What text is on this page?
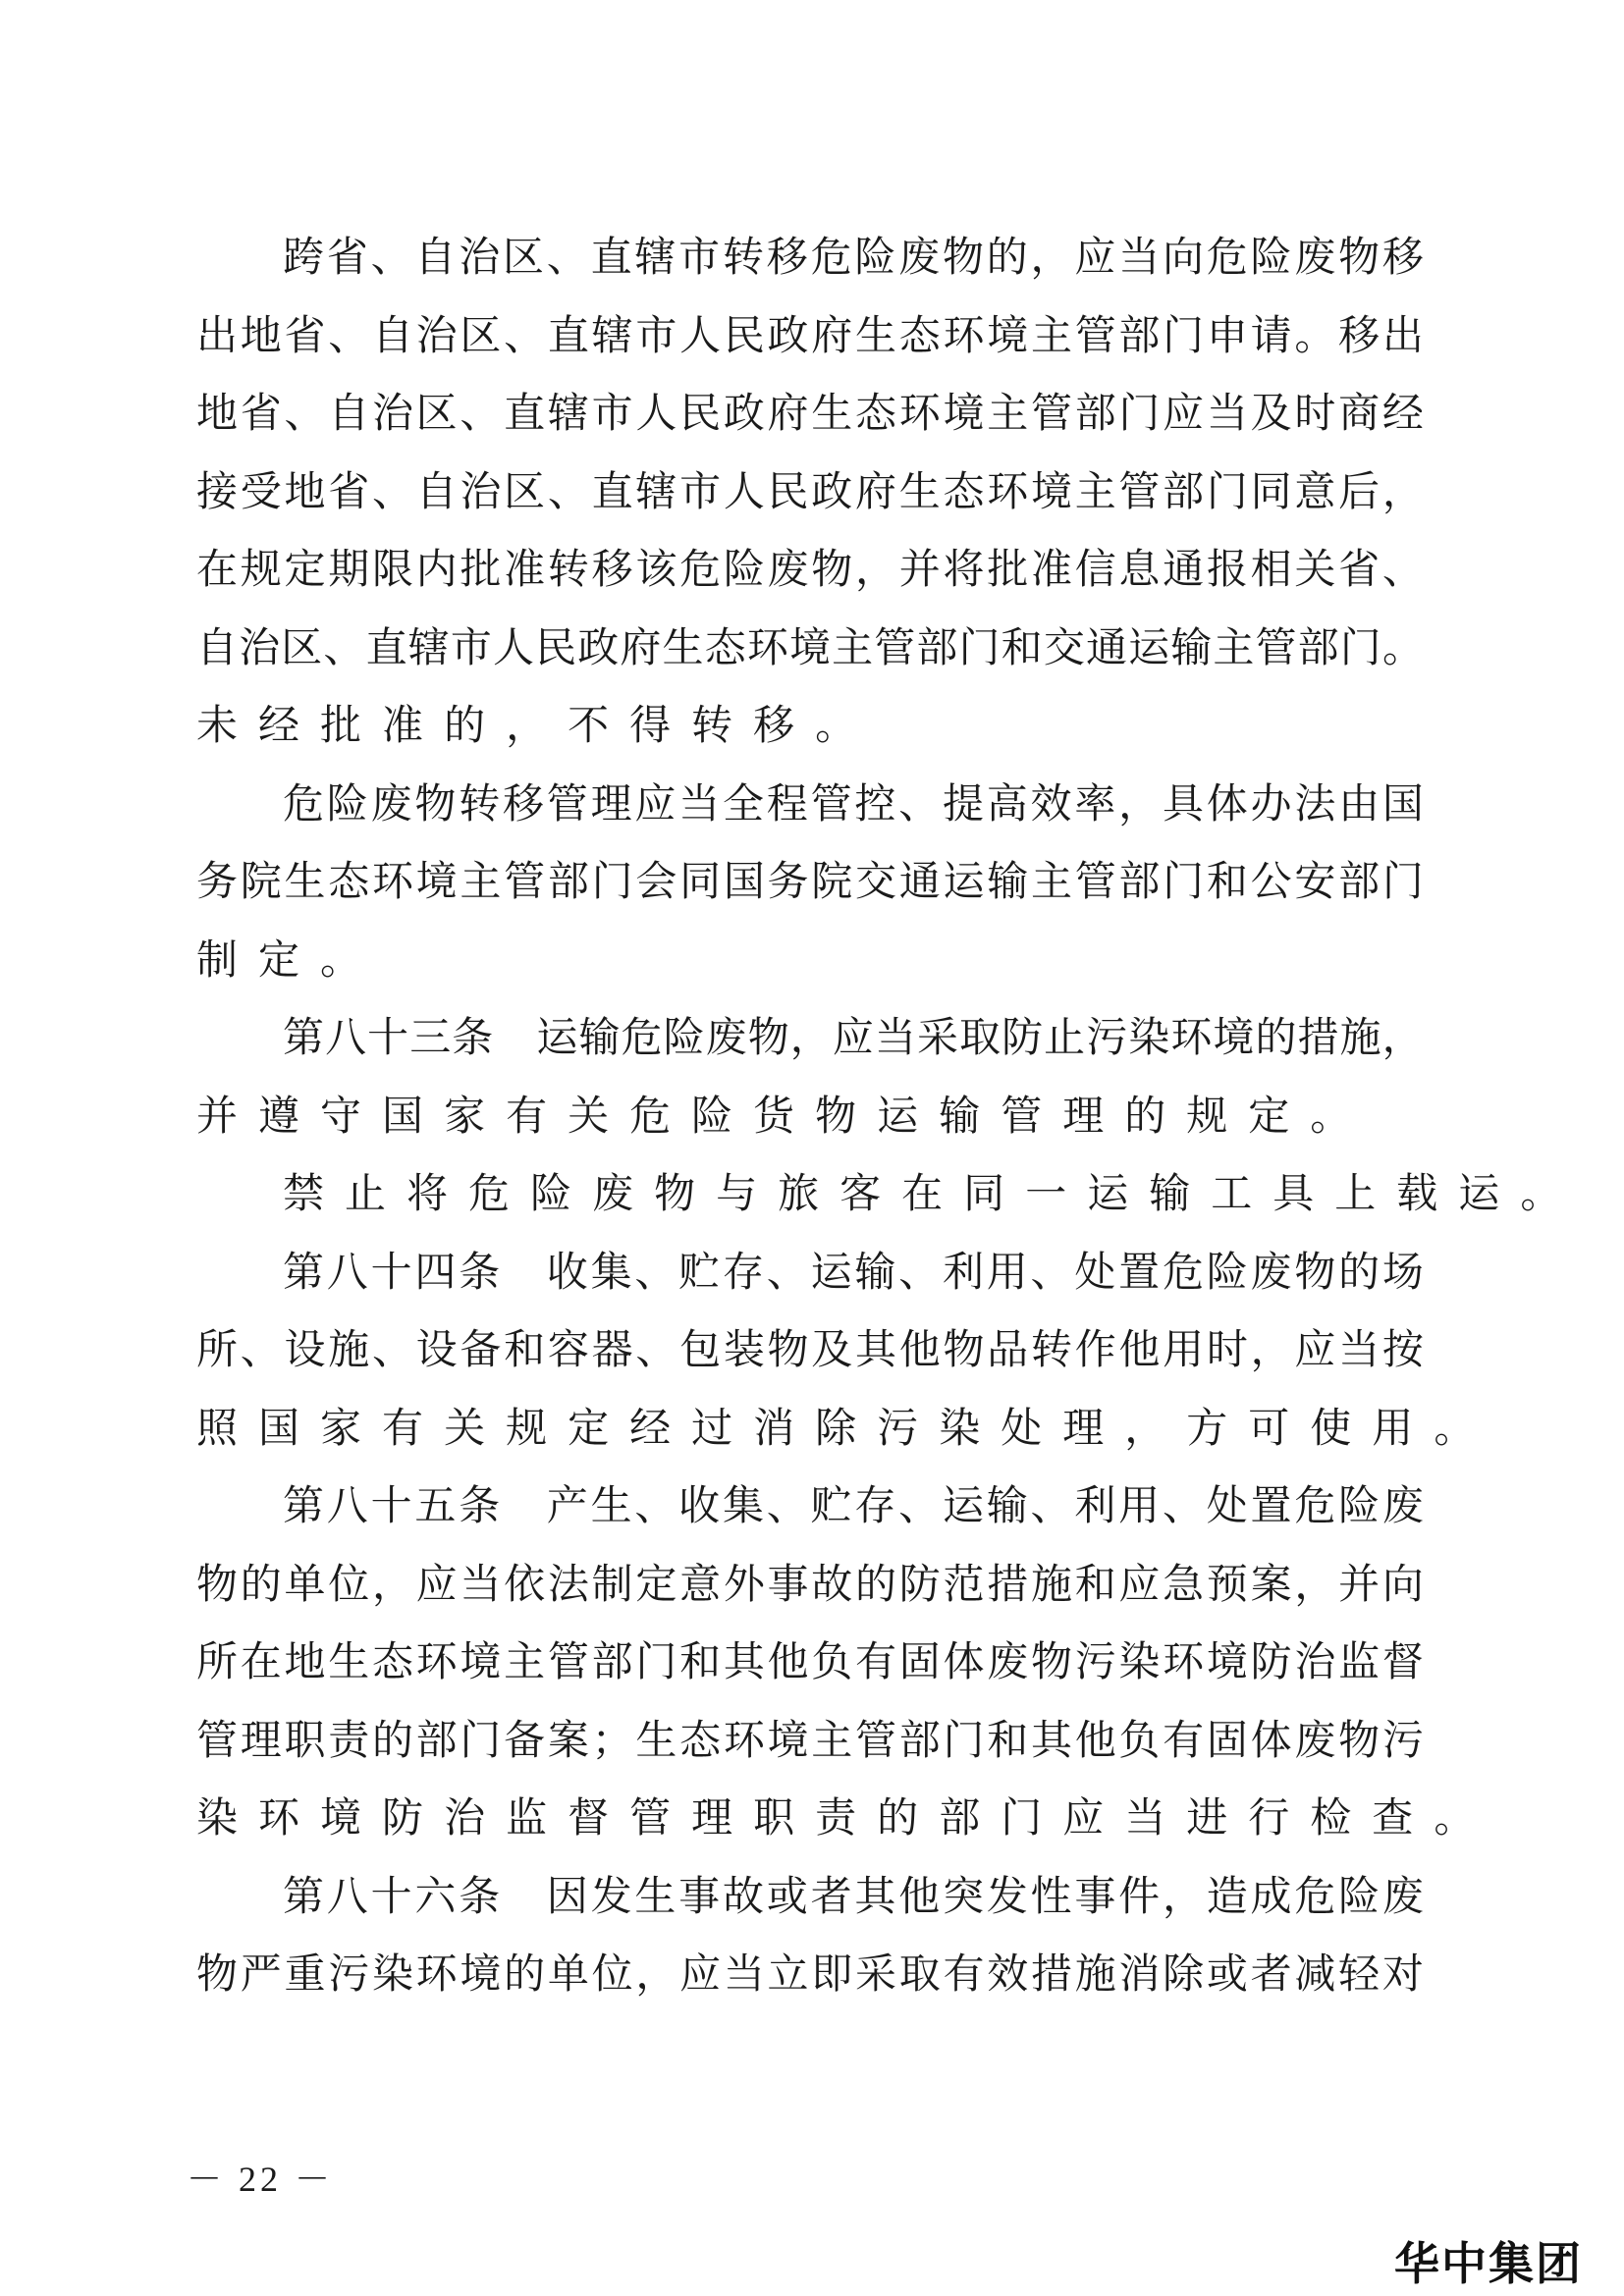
跨 省 、 自 治 区 、 直 辖 市 转 移 危 险 废 物 的 ， 应 当 向 危 险 废 物 移
出 地 省 、 自 治 区 、 直 辖 市 人 民 政 府 生 态 环 境 主 管 部 门 申 请 。 移 出
地 省 、 自 治 区 、 直 辖 市 人 民 政 府 生 态 环 境 主 管 部 门 应 当 及 时 商 经
接 受 地 省 、 自 治 区 、 直 辖 市 人 民 政 府 生 态 环 境 主 管 部 门 同 意 后 ，
在 规 定 期 限 内 批 准 转 移 该 危 险 废 物 ， 并 将 批 准 信 息 通 报 相 关 省 、
自 治 区 、 直 辖 市 人 民 政 府 生 态 环 境 主 管 部 门 和 交 通 运 输 主 管 部 门 。
未 经 批 准 的 ， 不 得 转 移 。
危 险 废 物 转 移 管 理 应 当 全 程 管 控 、 提 高 效 率 ， 具 体 办 法 由 国
务 院 生 态 环 境 主 管 部 门 会 同 国 务 院 交 通 运 输 主 管 部 门 和 公 安 部 门
制 定 。
第 八 十 三 条
　 运 输 危 险 废 物 ， 应 当 采 取 防 止 污 染 环 境 的 措 施 ，
并 遵 守 国 家 有 关 危 险 货 物 运 输 管 理 的 规 定 。
禁 止 将 危 险 废 物 与 旅 客 在 同 一 运 输 工 具 上 载 运 。
第 八 十 四 条
　 收 集 、 贮 存 、 运 输 、 利 用 、 处 置 危 险 废 物 的 场
所 、 设 施 、 设 备 和 容 器 、 包 装 物 及 其 他 物 品 转 作 他 用 时 ， 应 当 按
照 国 家 有 关 规 定 经 过 消 除 污 染 处 理 ， 方 可 使 用 。
第 八 十 五 条
　 产 生 、 收 集 、 贮 存 、 运 输 、 利 用 、 处 置 危 险 废
物 的 单 位 ， 应 当 依 法 制 定 意 外 事 故 的 防 范 措 施 和 应 急 预 案 ， 并 向
所 在 地 生 态 环 境 主 管 部 门 和 其 他 负 有 固 体 废 物 污 染 环 境 防 治 监 督
管 理 职 责 的 部 门 备 案 ； 生 态 环 境 主 管 部 门 和 其 他 负 有 固 体 废 物 污
染 环 境 防 治 监 督 管 理 职 责 的 部 门 应 当 进 行 检 查 。
第 八 十 六 条
　 因 发 生 事 故 或 者 其 他 突 发 性 事 件 ， 造 成 危 险 废
物 严 重 污 染 环 境 的 单 位 ， 应 当 立 即 采 取 有 效 措 施 消 除 或 者 减 轻 对
－ 22 －
华中集团
